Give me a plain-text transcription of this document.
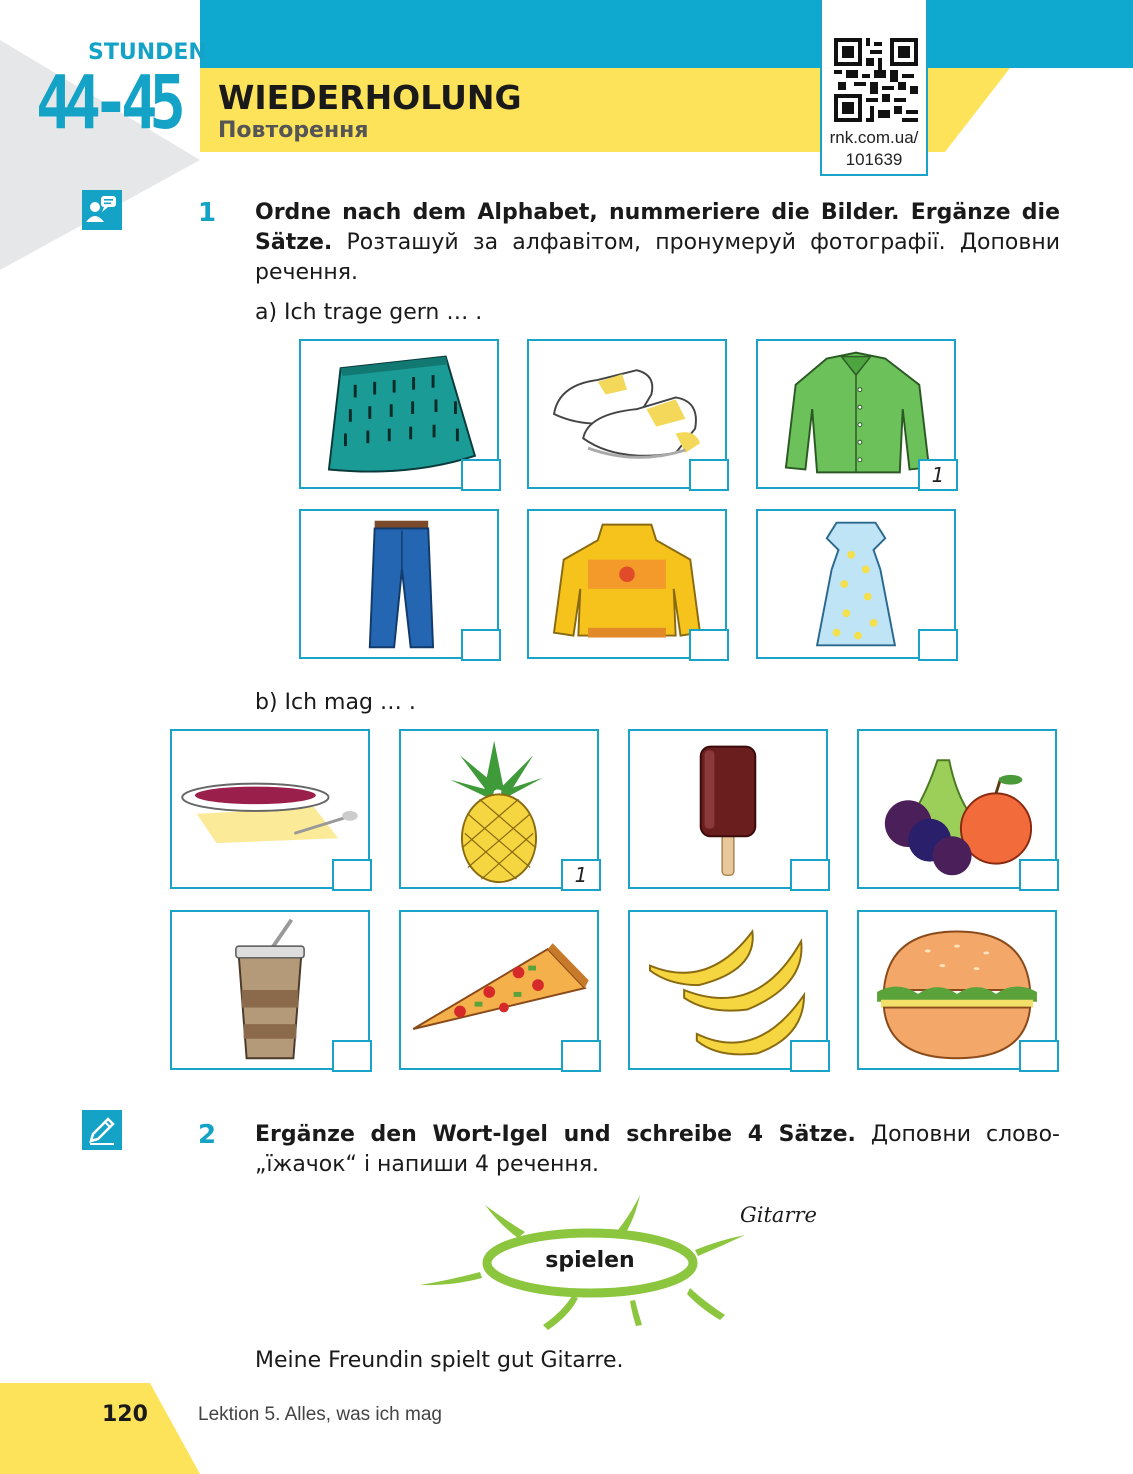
STUNDEN
44-45 WIEDERHOLUNG
Повторення	rnk.com.ua/
101639
1 Ordne nach dem Alphabet, nummeriere die Bilder. Ergänze die Sätze. Розташуй за алфавітом, пронумеруй фотографії. Доповни речення.
a) Ich trage gern … .
1
b) Ich mag … .
1
2 Ergänze den Wort-Igel und schreibe 4 Sätze. Доповни слово-„їжачок“ і напиши 4 речення.
spielen
Gitarre
Meine Freundin spielt gut Gitarre.
120	Lektion 5. Alles, was ich mag
